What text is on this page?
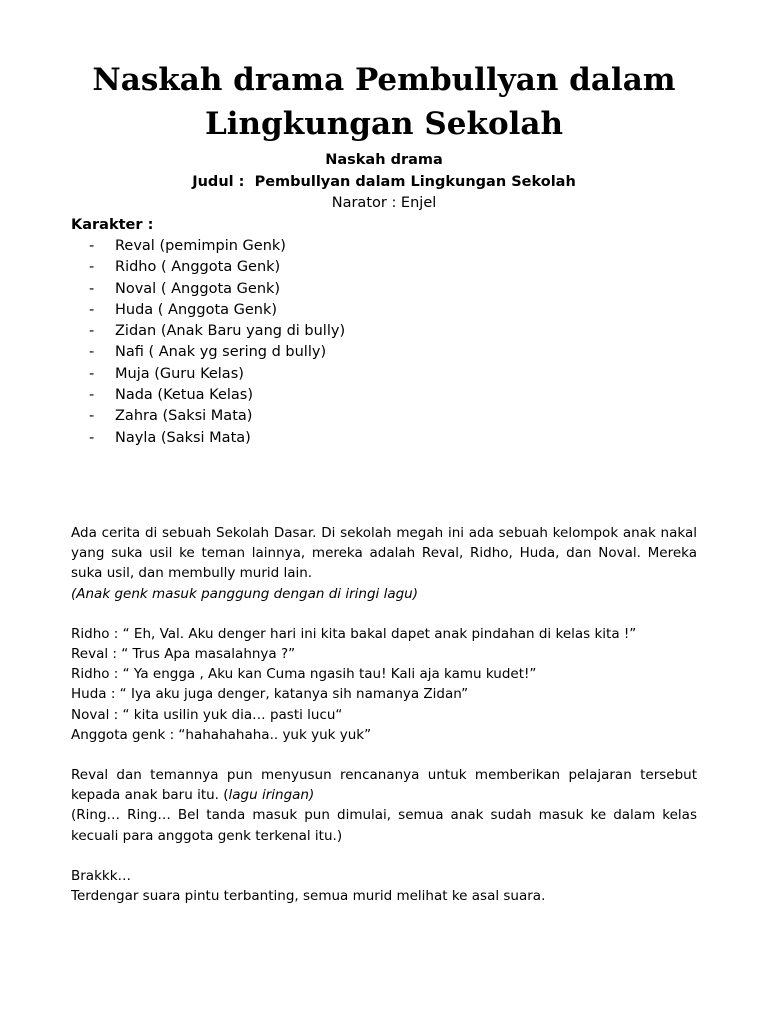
Naskah drama Pembullyan dalam Lingkungan Sekolah
Naskah drama
Judul : Pembullyan dalam Lingkungan Sekolah
Narator : Enjel
Karakter :
- Reval (pemimpin Genk)
- Ridho ( Anggota Genk)
- Noval ( Anggota Genk)
- Huda ( Anggota Genk)
- Zidan (Anak Baru yang di bully)
- Nafi ( Anak yg sering d bully)
- Muja (Guru Kelas)
- Nada (Ketua Kelas)
- Zahra (Saksi Mata)
- Nayla (Saksi Mata)

Ada cerita di sebuah Sekolah Dasar. Di sekolah megah ini ada sebuah kelompok anak nakal yang suka usil ke teman lainnya, mereka adalah Reval, Ridho, Huda, dan Noval. Mereka suka usil, dan membully murid lain.

(Anak genk masuk panggung dengan di iringi lagu)
Ridho : “ Eh, Val. Aku denger hari ini kita bakal dapet anak pindahan di kelas kita !”
Reval : “ Trus Apa masalahnya ?”
Ridho : “ Ya engga , Aku kan Cuma ngasih tau! Kali aja kamu kudet!”
Huda : “ Iya aku juga denger, katanya sih namanya Zidan”
Noval : “ kita usilin yuk dia… pasti lucu“
Anggota genk : “hahahahaha.. yuk yuk yuk”

Reval dan temannya pun menyusun rencananya untuk memberikan pelajaran tersebut kepada anak baru itu. (lagu iringan)

(Ring… Ring… Bel tanda masuk pun dimulai, semua anak sudah masuk ke dalam kelas kecuali para anggota genk terkenal itu.)

Brakkk…
Terdengar suara pintu terbanting, semua murid melihat ke asal suara.
